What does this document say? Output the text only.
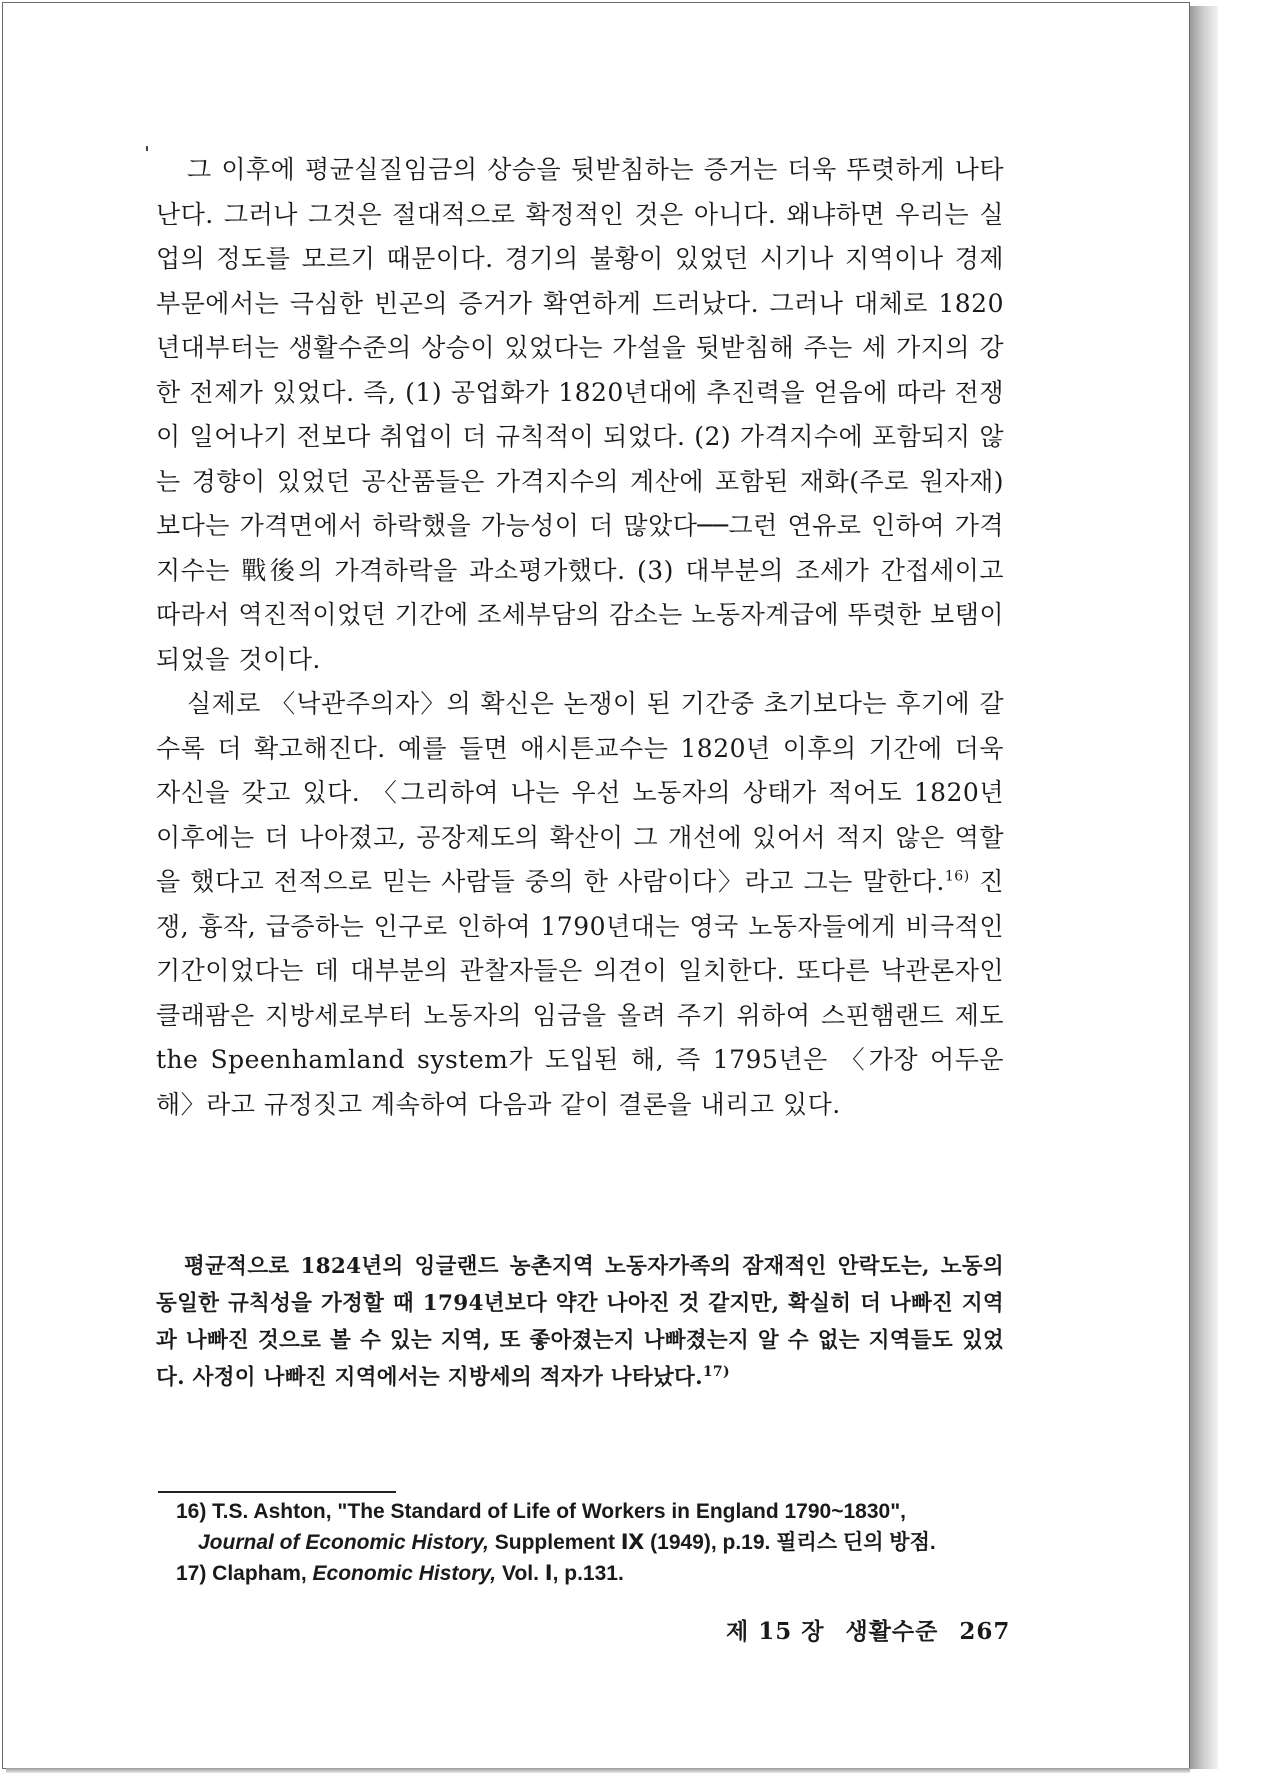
그 이후에 평균실질임금의 상승을 뒷받침하는 증거는 더욱 뚜렷하게 나타난다. 그러나 그것은 절대적으로 확정적인 것은 아니다. 왜냐하면 우리는 실업의 정도를 모르기 때문이다. 경기의 불황이 있었던 시기나 지역이나 경제부문에서는 극심한 빈곤의 증거가 확연하게 드러났다. 그러나 대체로 1820년대부터는 생활수준의 상승이 있었다는 가설을 뒷받침해 주는 세 가지의 강한 전제가 있었다. 즉, (1) 공업화가 1820년대에 추진력을 얻음에 따라 전쟁이 일어나기 전보다 취업이 더 규칙적이 되었다. (2) 가격지수에 포함되지 않는 경향이 있었던 공산품들은 가격지수의 계산에 포함된 재화(주로 원자재)보다는 가격면에서 하락했을 가능성이 더 많았다──그런 연유로 인하여 가격지수는 戰後의 가격하락을 과소평가했다. (3) 대부분의 조세가 간접세이고 따라서 역진적이었던 기간에 조세부담의 감소는 노동자계급에 뚜렷한 보탬이 되었을 것이다.

실제로 〈낙관주의자〉의 확신은 논쟁이 된 기간중 초기보다는 후기에 갈수록 더 확고해진다. 예를 들면 애시튼교수는 1820년 이후의 기간에 더욱 자신을 갖고 있다. 〈그리하여 나는 우선 노동자의 상태가 적어도 1820년 이후에는 더 나아졌고, 공장제도의 확산이 그 개선에 있어서 적지 않은 역할을 했다고 전적으로 믿는 사람들 중의 한 사람이다〉라고 그는 말한다.$^{16)}$ 진쟁, 흉작, 급증하는 인구로 인하여 1790년대는 영국 노동자들에게 비극적인 기간이었다는 데 대부분의 관찰자들은 의견이 일치한다. 또다른 낙관론자인 클래팜은 지방세로부터 노동자의 임금을 올려 주기 위하여 스핀햄랜드 제도 the Speenhamland system가 도입된 해, 즉 1795년은 〈가장 어두운 해〉라고 규정짓고 계속하여 다음과 같이 결론을 내리고 있다.

평균적으로 1824년의 잉글랜드 농촌지역 노동자가족의 잠재적인 안락도는, 노동의 동일한 규칙성을 가정할 때 1794년보다 약간 나아진 것 같지만, 확실히 더 나빠진 지역과 나빠진 것으로 볼 수 있는 지역, 또 좋아졌는지 나빠졌는지 알 수 없는 지역들도 있었다. 사정이 나빠진 지역에서는 지방세의 적자가 나타났다.$^{17)}$

16) T.S. Ashton, "The Standard of Life of Workers in England 1790~1830",
Journal of Economic History, Supplement Ⅸ (1949), p.19. 필리스 딘의 방점.
17) Clapham, Economic History, Vol. Ⅰ, p.131.
제 15 장 생활수준 267
